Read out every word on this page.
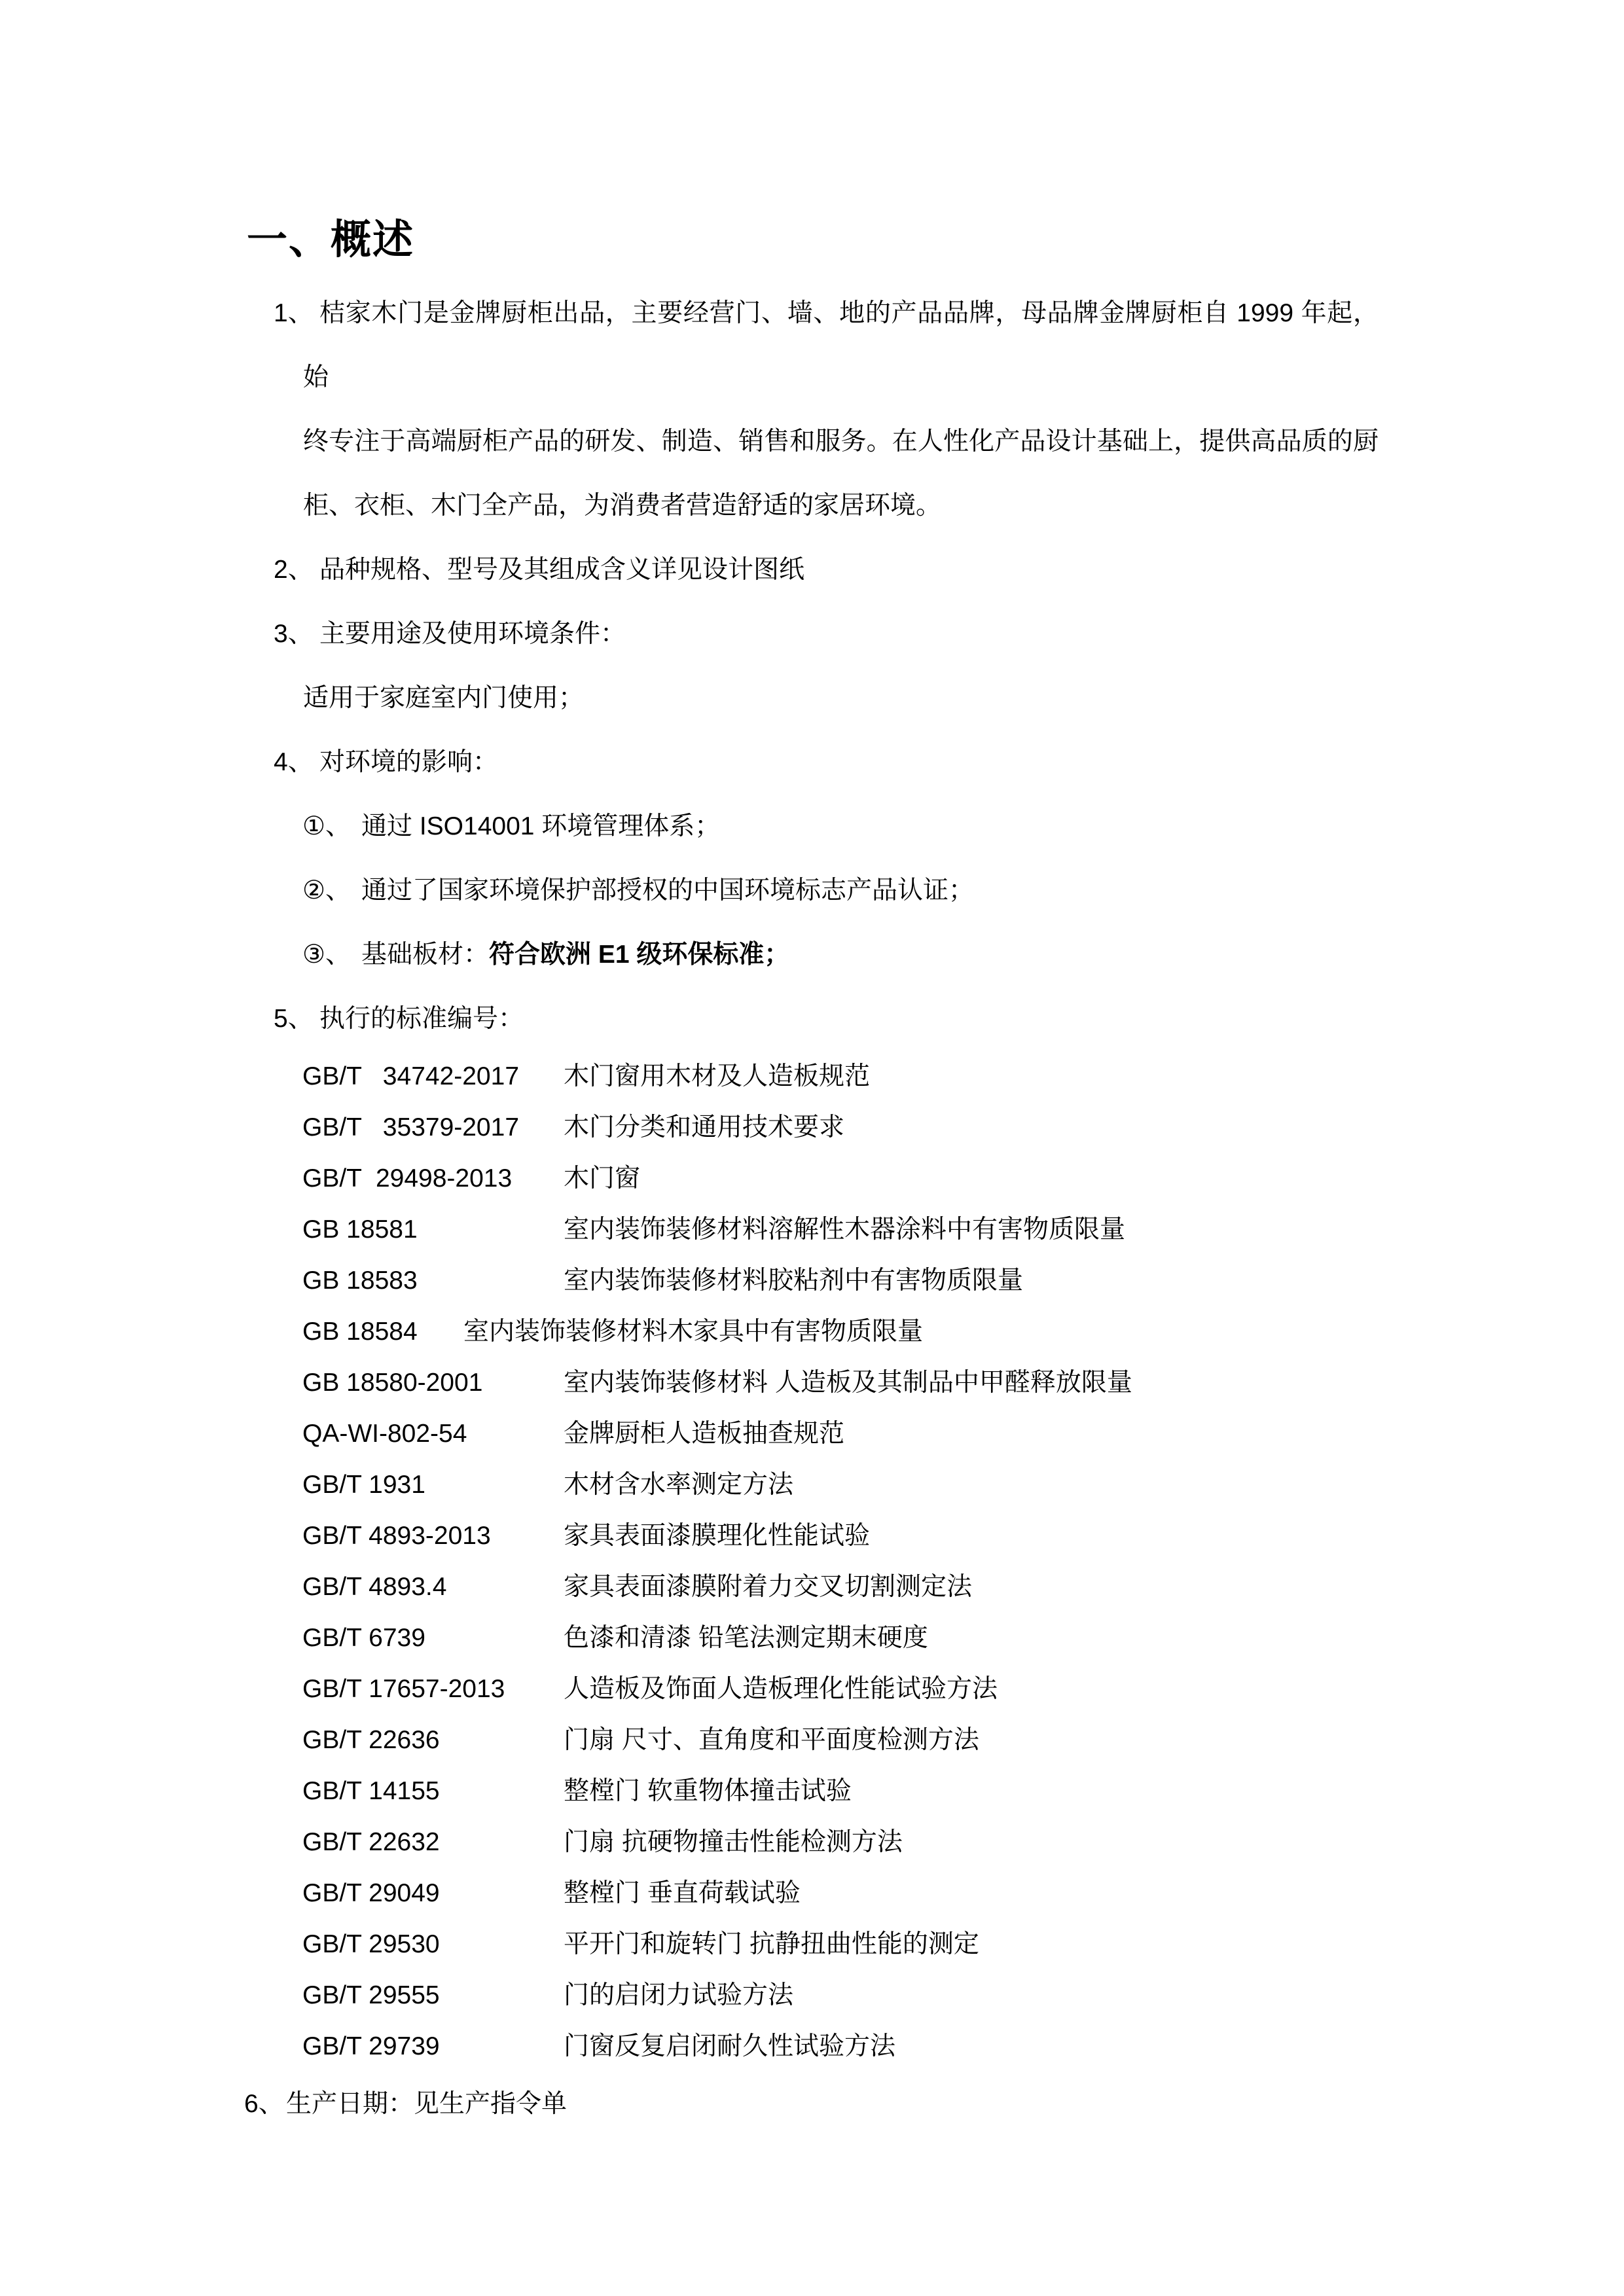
一、概述
1、 桔家木门是金牌厨柜出品，主要经营门、墙、地的产品品牌，母品牌金牌厨柜自 1999 年起，始
终专注于高端厨柜产品的研发、制造、销售和服务。在人性化产品设计基础上，提供高品质的厨
柜、衣柜、木门全产品，为消费者营造舒适的家居环境。
2、 品种规格、型号及其组成含义详见设计图纸
3、 主要用途及使用环境条件：
适用于家庭室内门使用；
4、 对环境的影响：
①、 通过 ISO14001 环境管理体系；
②、 通过了国家环境保护部授权的中国环境标志产品认证；
③、 基础板材：符合欧洲 E1 级环保标准；
5、 执行的标准编号：
GB/T   34742-2017	木门窗用木材及人造板规范
GB/T   35379-2017	木门分类和通用技术要求
GB/T  29498-2013	木门窗
GB 18581	室内装饰装修材料溶解性木器涂料中有害物质限量
GB 18583	室内装饰装修材料胶粘剂中有害物质限量
GB 18584	室内装饰装修材料木家具中有害物质限量
GB 18580-2001	室内装饰装修材料 人造板及其制品中甲醛释放限量
QA-WI-802-54	金牌厨柜人造板抽查规范
GB/T 1931	木材含水率测定方法
GB/T 4893-2013	家具表面漆膜理化性能试验
GB/T 4893.4	家具表面漆膜附着力交叉切割测定法
GB/T 6739	色漆和清漆 铅笔法测定期末硬度
GB/T 17657-2013	人造板及饰面人造板理化性能试验方法
GB/T 22636	门扇 尺寸、直角度和平面度检测方法
GB/T 14155	整樘门 软重物体撞击试验
GB/T 22632	门扇 抗硬物撞击性能检测方法
GB/T 29049	整樘门 垂直荷载试验
GB/T 29530	平开门和旋转门 抗静扭曲性能的测定
GB/T 29555	门的启闭力试验方法
GB/T 29739	门窗反复启闭耐久性试验方法
6、 生产日期：见生产指令单
